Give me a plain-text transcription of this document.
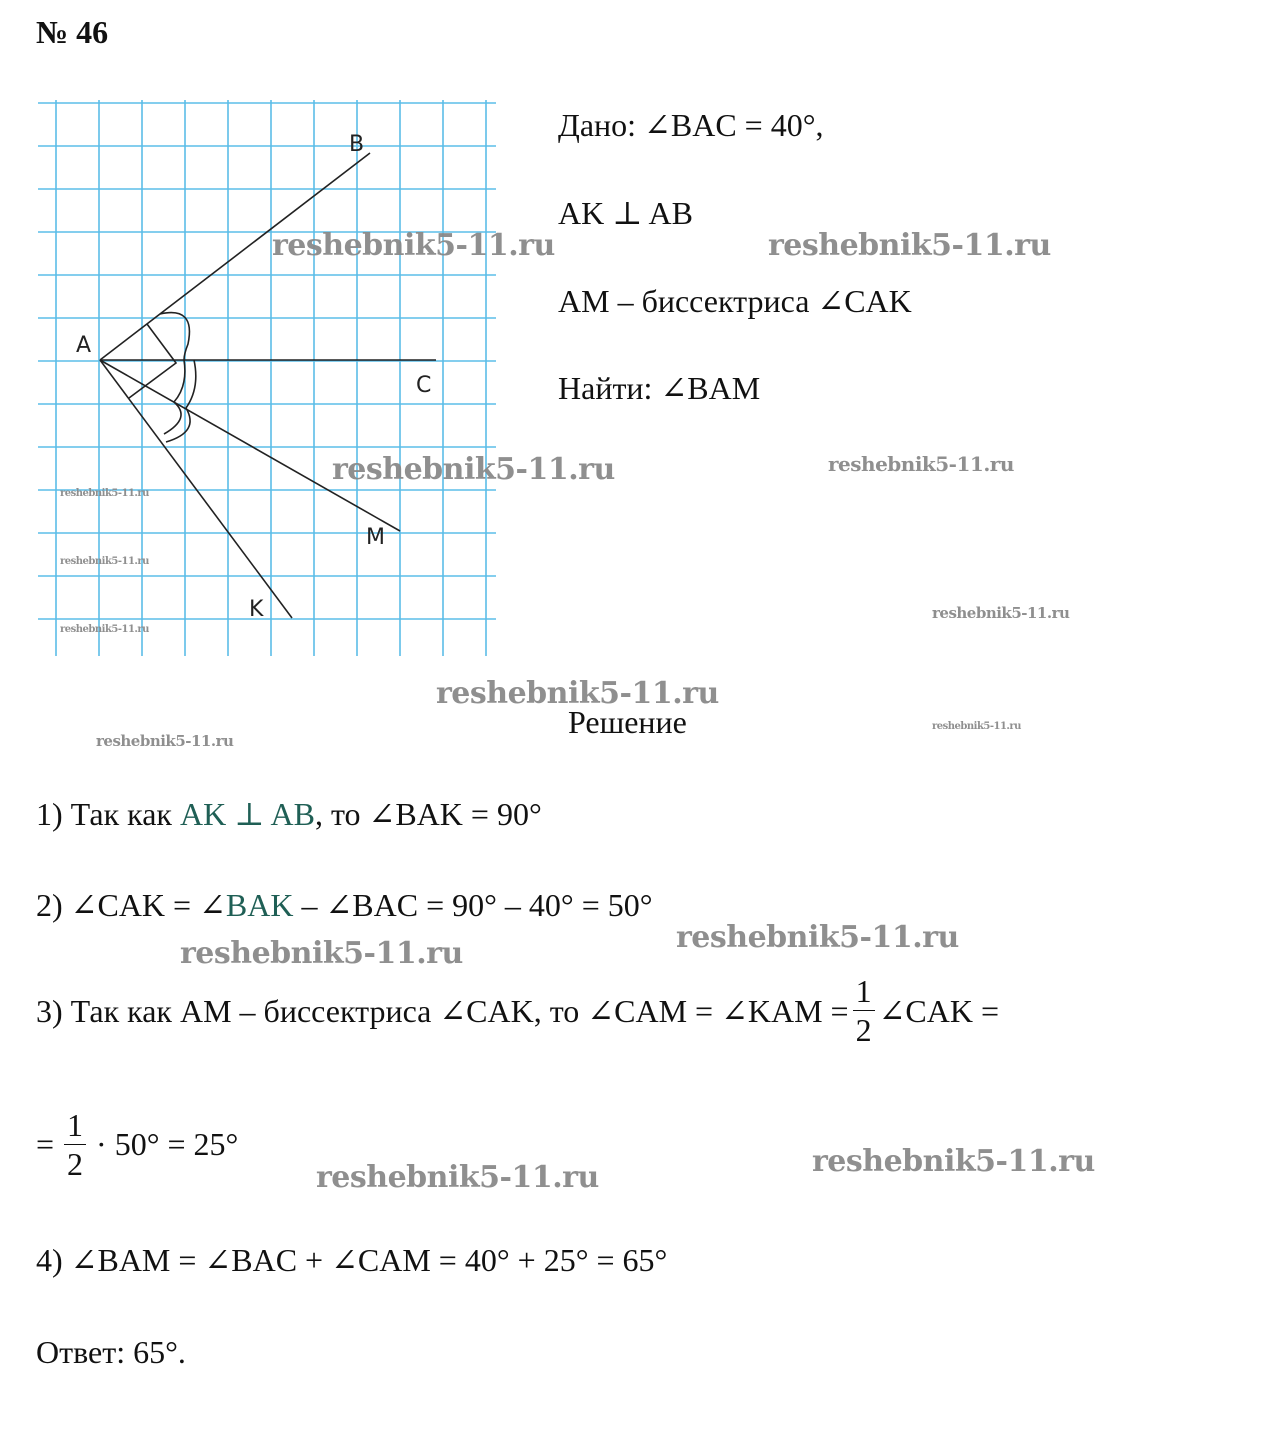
№ 46
A
B
C
M
K
Дано: ∠BAC = 40°,
AK ⊥ AB
AM – биссектриса ∠CAK
Найти: ∠BAM
Решение
1) Так как AK ⊥ AB, то ∠BAK = 90°
2) ∠CAK = ∠BAK – ∠BAC = 90° – 40° = 50°
3) Так как AM – биссектриса ∠CAK, то ∠CAM = ∠KAM = $\frac{1}{2}$ ∠CAK =
= $\frac{1}{2} \cdot 50^\circ = 25^\circ$
4) ∠BAM = ∠BAC + ∠CAM = 40° + 25° = 65°
Ответ: 65°.
reshebnik5-11.ru	reshebnik5-11.ru
reshebnik5-11.ru	reshebnik5-11.ru
reshebnik5-11.ru
reshebnik5-11.ru
reshebnik5-11.ru
reshebnik5-11.ru
reshebnik5-11.ru
reshebnik5-11.ru
reshebnik5-11.ru
reshebnik5-11.ru
reshebnik5-11.ru
reshebnik5-11.ru
reshebnik5-11.ru
